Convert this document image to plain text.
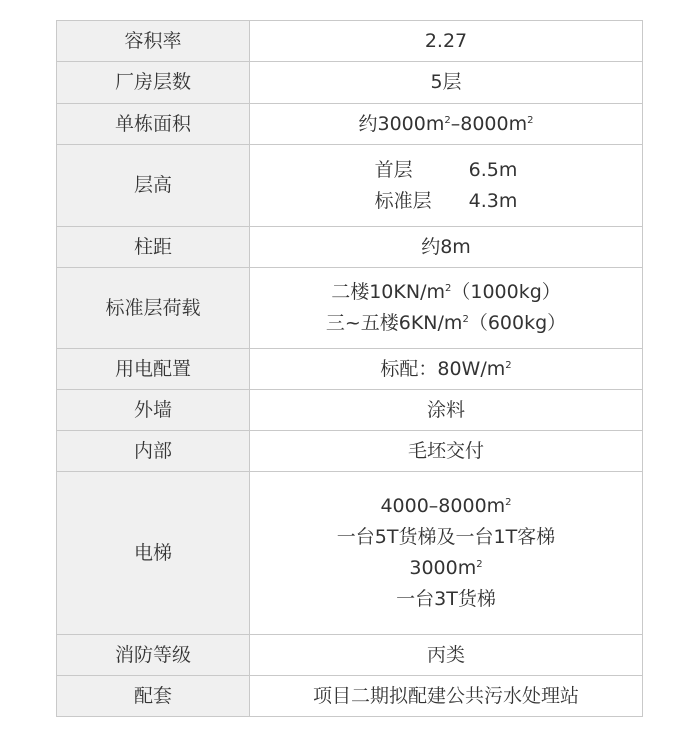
容积率	2.27
厂房层数	5层
单栋面积	约$3000m^2-8000m^2$
层高	首层 6.5m
标准层 4.3m

柱距	约8m
标准层荷载	二楼$10KN/m^2(1000kg)$
三~五楼$6KN/m^2(600kg)$

用电配置	标配：$80W/m^2$
外墙	涂料
内部	毛坯交付
电梯	$4000-8000m^2$
一台5T货梯及一台1T客梯
$3000m^2$
一台3T货梯

消防等级	丙类
配套	项目二期拟配建公共污水处理站
